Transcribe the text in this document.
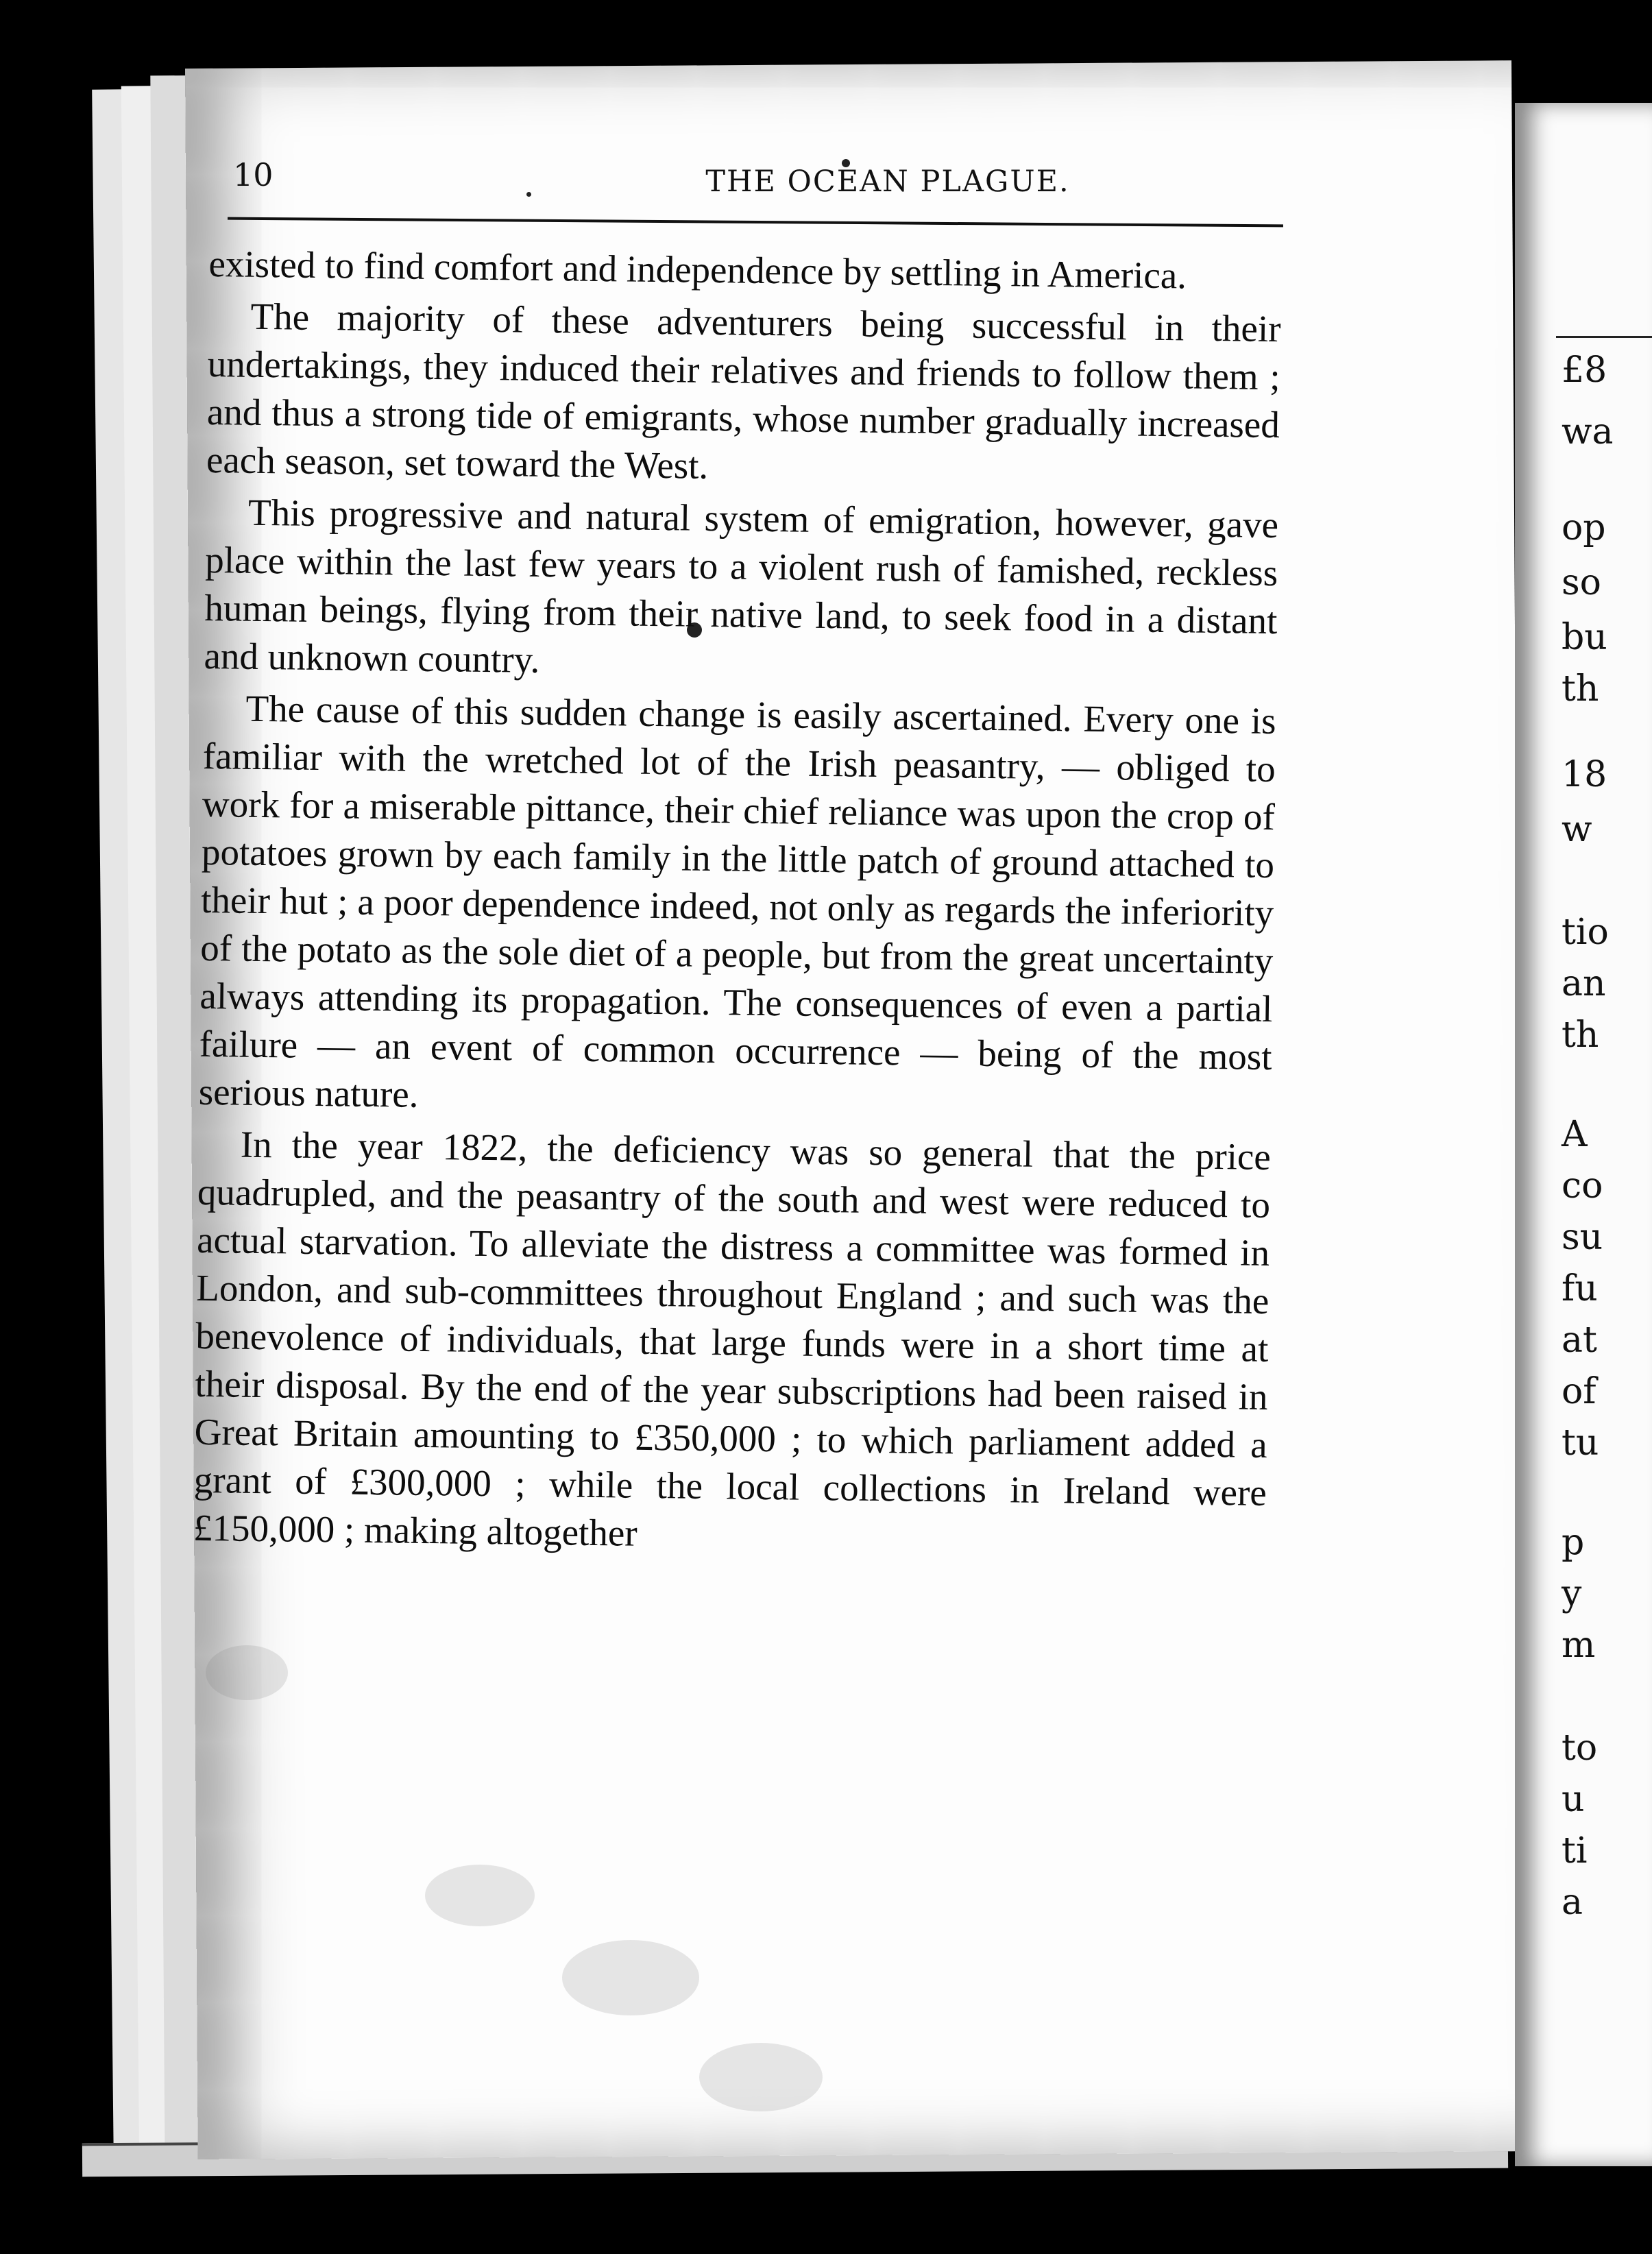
£8
wa
op
so
bu
th
18
w
tio
an
th
A
co
su
fu
at
of
tu
p
y
m
to
u
ti
a
10	THE OCEAN PLAGUE.

existed to find comfort and independence by settling in America.

The majority of these adventurers being successful in their undertakings, they induced their relatives and friends to follow them ; and thus a strong tide of emigrants, whose number gradually increased each season, set toward the West.

This progressive and natural system of emigration, however, gave place within the last few years to a violent rush of famished, reckless human beings, flying from their native land, to seek food in a distant and unknown country.

The cause of this sudden change is easily ascertained. Every one is familiar with the wretched lot of the Irish peasantry, — obliged to work for a miserable pittance, their chief reliance was upon the crop of potatoes grown by each family in the little patch of ground attached to their hut ; a poor dependence indeed, not only as regards the inferiority of the potato as the sole diet of a people, but from the great uncertainty always attending its propagation. The consequences of even a partial failure — an event of common occurrence — being of the most serious nature.

In the year 1822, the deficiency was so general that the price quadrupled, and the peasantry of the south and west were reduced to actual starvation. To alleviate the distress a committee was formed in London, and sub-committees throughout England ; and such was the benevolence of individuals, that large funds were in a short time at their disposal. By the end of the year subscriptions had been raised in Great Britain amounting to £350,000 ; to which parliament added a grant of £300,000 ; while the local collections in Ireland were £150,000 ; making altogether
